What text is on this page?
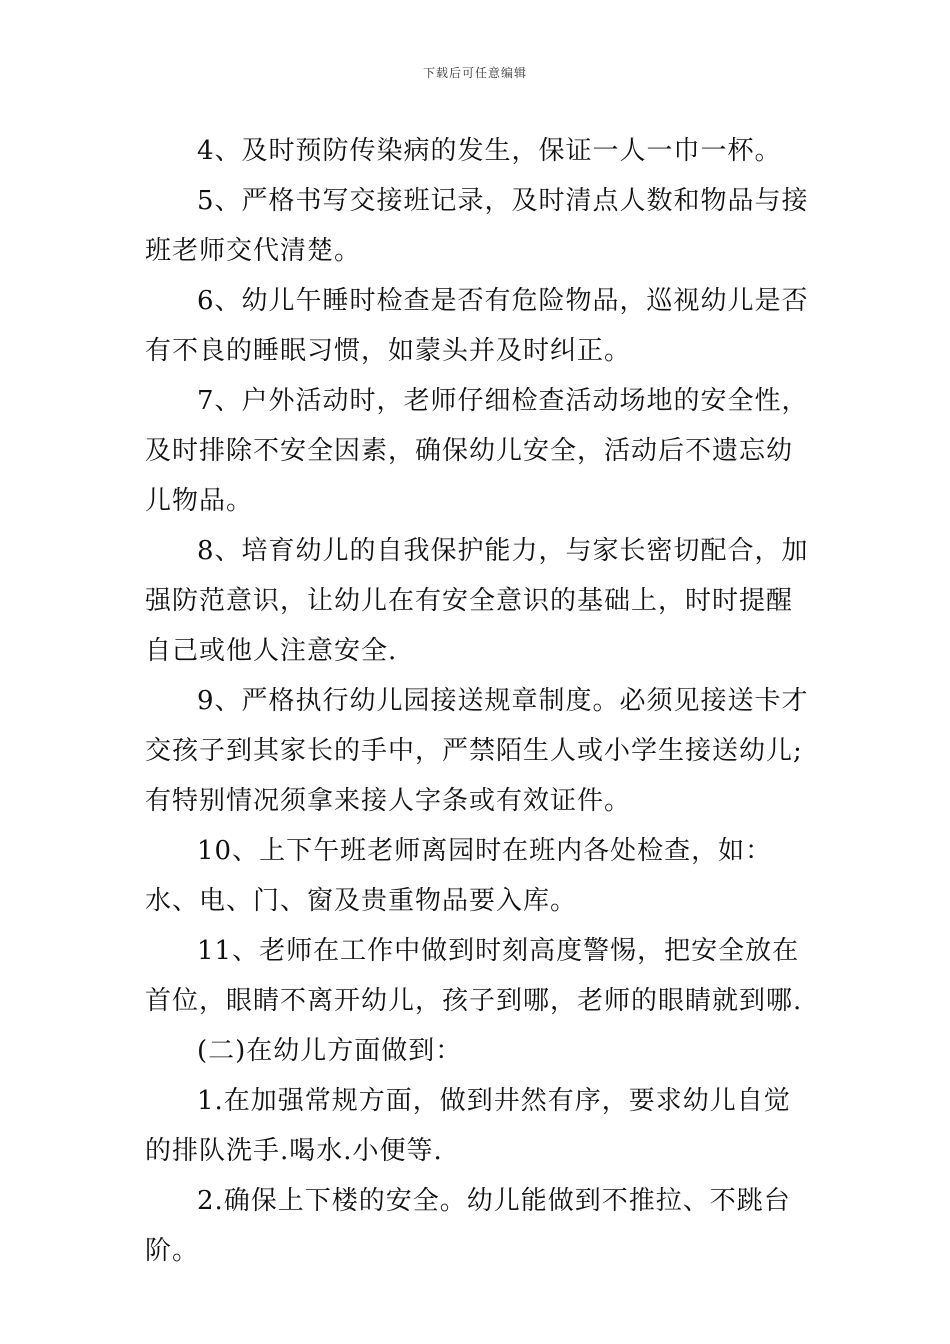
下载后可任意编辑

4、及时预防传染病的发生，保证一人一巾一杯。

5、严格书写交接班记录，及时清点人数和物品与接班老师交代清楚。

6、幼儿午睡时检查是否有危险物品，巡视幼儿是否有不良的睡眠习惯，如蒙头并及时纠正。

7、户外活动时，老师仔细检查活动场地的安全性，及时排除不安全因素，确保幼儿安全，活动后不遗忘幼儿物品。

8、培育幼儿的自我保护能力，与家长密切配合，加强防范意识，让幼儿在有安全意识的基础上，时时提醒自己或他人注意安全.

9、严格执行幼儿园接送规章制度。必须见接送卡才交孩子到其家长的手中，严禁陌生人或小学生接送幼儿;有特别情况须拿来接人字条或有效证件。

10、上下午班老师离园时在班内各处检查，如：水、电、门、窗及贵重物品要入库。

11、老师在工作中做到时刻高度警惕，把安全放在首位，眼睛不离开幼儿，孩子到哪，老师的眼睛就到哪.

(二)在幼儿方面做到：

1.在加强常规方面，做到井然有序，要求幼儿自觉的排队洗手.喝水.小便等.

2.确保上下楼的安全。幼儿能做到不推拉、不跳台阶。
